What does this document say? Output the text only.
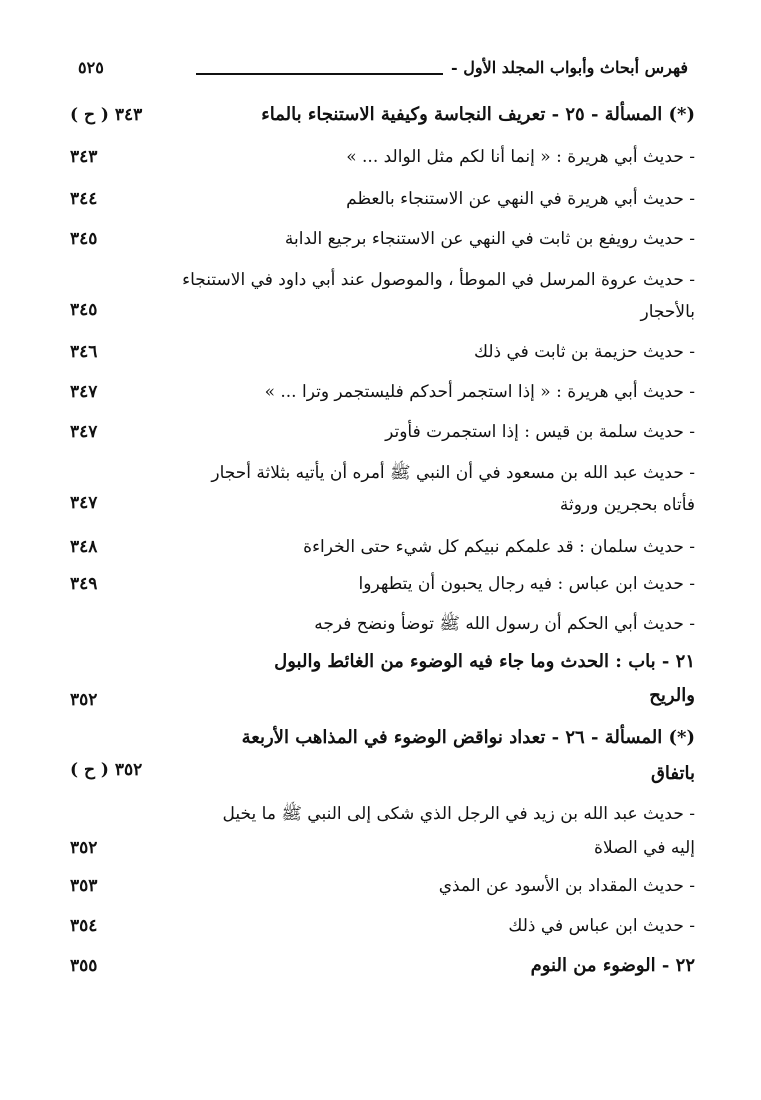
فهرس أبحاث وأبواب المجلد الأول -
٥٢٥
(*) المسألة - ٢٥ - تعريف النجاسة وكيفية الاستنجاء بالماء
٣٤٣ ( ح )
- حديث أبي هريرة : « إنما أنا لكم مثل الوالد ... »
٣٤٣
- حديث أبي هريرة في النهي عن الاستنجاء بالعظم
٣٤٤
- حديث رويفع بن ثابت في النهي عن الاستنجاء برجيع الدابة
٣٤٥
- حديث عروة المرسل في الموطأ ، والموصول عند أبي داود في الاستنجاء
بالأحجار
٣٤٥
- حديث حزيمة بن ثابت في ذلك
٣٤٦
- حديث أبي هريرة : « إذا استجمر أحدكم فليستجمر وترا ... »
٣٤٧
- حديث سلمة بن قيس : إذا استجمرت فأوتر
٣٤٧
- حديث عبد الله بن مسعود في أن النبي ﷺ أمره أن يأتيه بثلاثة أحجار
فأتاه بحجرين وروثة
٣٤٧
- حديث سلمان : قد علمكم نبيكم كل شيء حتى الخراءة
٣٤٨
- حديث ابن عباس : فيه رجال يحبون أن يتطهروا
٣٤٩
- حديث أبي الحكم أن رسول الله ﷺ توضأ ونضح فرجه
٢١ - باب : الحدث وما جاء فيه الوضوء من الغائط والبول
والريح
٣٥٢
(*) المسألة - ٢٦ - تعداد نواقض الوضوء في المذاهب الأربعة
باتفاق
٣٥٢ ( ح )
- حديث عبد الله بن زيد في الرجل الذي شكى إلى النبي ﷺ ما يخيل
إليه في الصلاة
٣٥٢
- حديث المقداد بن الأسود عن المذي
٣٥٣
- حديث ابن عباس في ذلك
٣٥٤
٢٢ - الوضوء من النوم
٣٥٥
